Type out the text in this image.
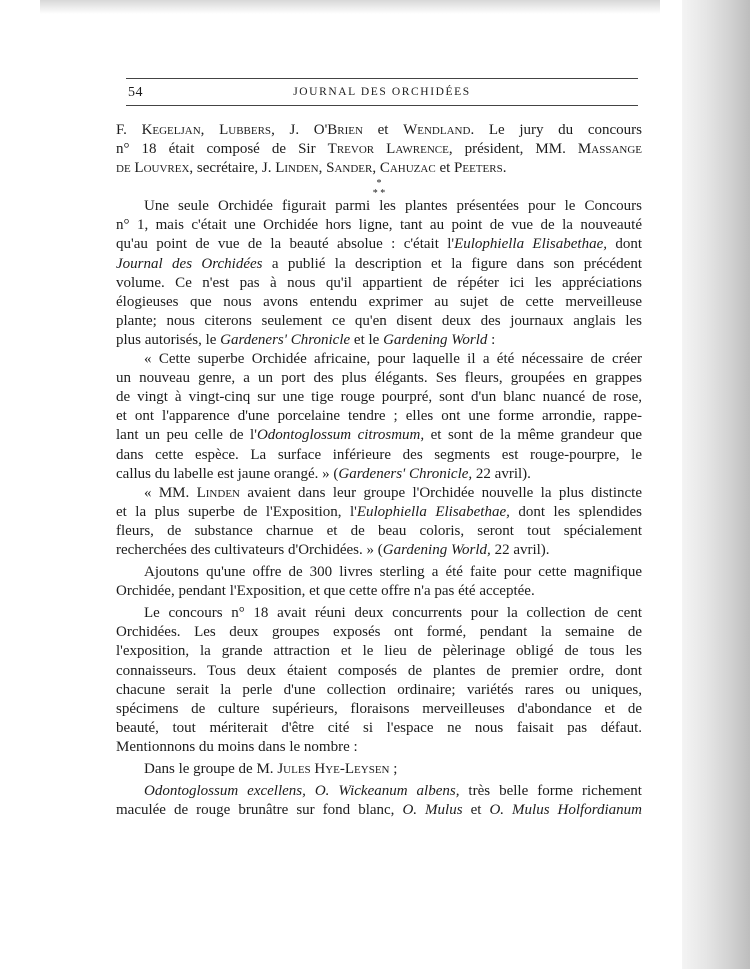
54	JOURNAL DES ORCHIDÉES
F. Kegeljan, Lubbers, J. O'Brien et Wendland. Le jury du concours
n° 18 était composé de Sir Trevor Lawrence, président, MM. Massange
de Louvrex, secrétaire, J. Linden, Sander, Cahuzac et Peeters.
*
* *
Une seule Orchidée figurait parmi les plantes présentées pour le Concours
n° 1, mais c'était une Orchidée hors ligne, tant au point de vue de la nouveauté
qu'au point de vue de la beauté absolue : c'était l'Eulophiella Elisabethae, dont
Journal des Orchidées a publié la description et la figure dans son précédent
volume. Ce n'est pas à nous qu'il appartient de répéter ici les appréciations
élogieuses que nous avons entendu exprimer au sujet de cette merveilleuse
plante; nous citerons seulement ce qu'en disent deux des journaux anglais les
plus autorisés, le Gardeners' Chronicle et le Gardening World :
« Cette superbe Orchidée africaine, pour laquelle il a été nécessaire de créer
un nouveau genre, a un port des plus élégants. Ses fleurs, groupées en grappes
de vingt à vingt-cinq sur une tige rouge pourpré, sont d'un blanc nuancé de rose,
et ont l'apparence d'une porcelaine tendre ; elles ont une forme arrondie, rappe-
lant un peu celle de l'Odontoglossum citrosmum, et sont de la même grandeur que
dans cette espèce. La surface inférieure des segments est rouge-pourpre, le
callus du labelle est jaune orangé. » (Gardeners' Chronicle, 22 avril).
« MM. Linden avaient dans leur groupe l'Orchidée nouvelle la plus distincte
et la plus superbe de l'Exposition, l'Eulophiella Elisabethae, dont les splendides
fleurs, de substance charnue et de beau coloris, seront tout spécialement
recherchées des cultivateurs d'Orchidées. » (Gardening World, 22 avril).
Ajoutons qu'une offre de 300 livres sterling a été faite pour cette magnifique
Orchidée, pendant l'Exposition, et que cette offre n'a pas été acceptée.
Le concours n° 18 avait réuni deux concurrents pour la collection de cent
Orchidées. Les deux groupes exposés ont formé, pendant la semaine de
l'exposition, la grande attraction et le lieu de pèlerinage obligé de tous les
connaisseurs. Tous deux étaient composés de plantes de premier ordre, dont
chacune serait la perle d'une collection ordinaire; variétés rares ou uniques,
spécimens de culture supérieurs, floraisons merveilleuses d'abondance et de
beauté, tout mériterait d'être cité si l'espace ne nous faisait pas défaut.
Mentionnons du moins dans le nombre :
Dans le groupe de M. Jules Hye-Leysen ;
Odontoglossum excellens, O. Wickeanum albens, très belle forme richement
maculée de rouge brunâtre sur fond blanc, O. Mulus et O. Mulus Holfordianum
